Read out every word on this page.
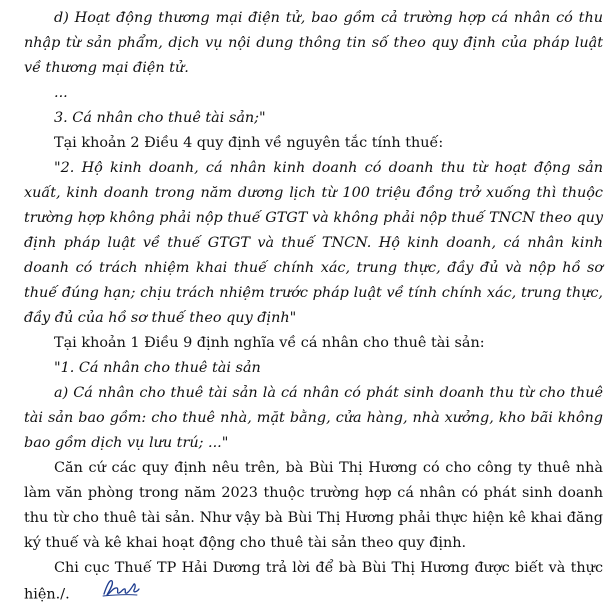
d) Hoạt động thương mại điện tử, bao gồm cả trường hợp cá nhân có thu nhập từ sản phẩm, dịch vụ nội dung thông tin số theo quy định của pháp luật về thương mại điện tử.

...

3. Cá nhân cho thuê tài sản;"

Tại khoản 2 Điều 4 quy định về nguyên tắc tính thuế:

"2. Hộ kinh doanh, cá nhân kinh doanh có doanh thu từ hoạt động sản xuất, kinh doanh trong năm dương lịch từ 100 triệu đồng trở xuống thì thuộc trường hợp không phải nộp thuế GTGT và không phải nộp thuế TNCN theo quy định pháp luật về thuế GTGT và thuế TNCN. Hộ kinh doanh, cá nhân kinh doanh có trách nhiệm khai thuế chính xác, trung thực, đầy đủ và nộp hồ sơ thuế đúng hạn; chịu trách nhiệm trước pháp luật về tính chính xác, trung thực, đầy đủ của hồ sơ thuế theo quy định"

Tại khoản 1 Điều 9 định nghĩa về cá nhân cho thuê tài sản:

"1. Cá nhân cho thuê tài sản

a) Cá nhân cho thuê tài sản là cá nhân có phát sinh doanh thu từ cho thuê tài sản bao gồm: cho thuê nhà, mặt bằng, cửa hàng, nhà xưởng, kho bãi không bao gồm dịch vụ lưu trú; ..."

Căn cứ các quy định nêu trên, bà Bùi Thị Hương có cho công ty thuê nhà làm văn phòng trong năm 2023 thuộc trường hợp cá nhân có phát sinh doanh thu từ cho thuê tài sản. Như vậy bà Bùi Thị Hương phải thực hiện kê khai đăng ký thuế và kê khai hoạt động cho thuê tài sản theo quy định.

Chi cục Thuế TP Hải Dương trả lời để bà Bùi Thị Hương được biết và thực hiện./.
